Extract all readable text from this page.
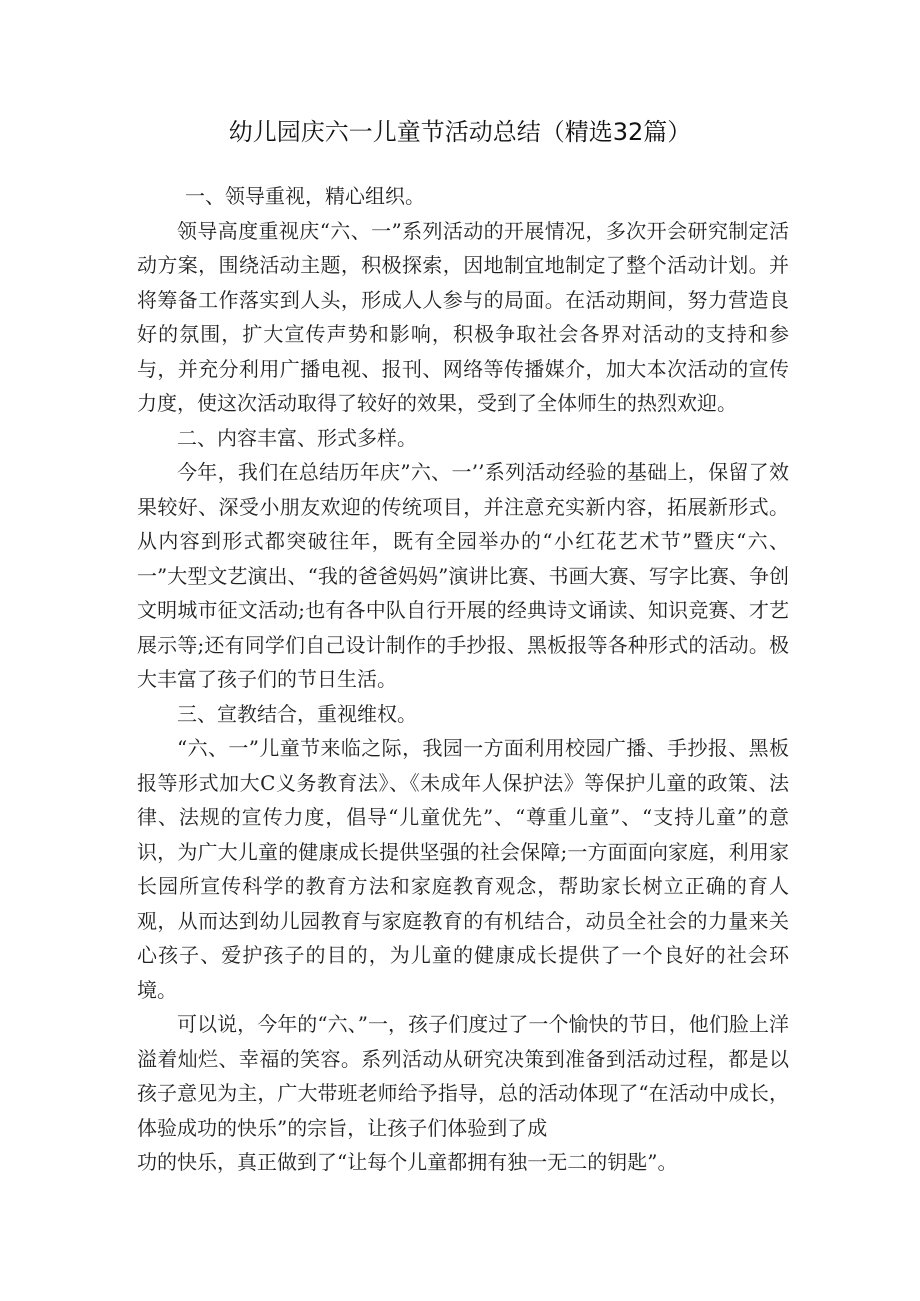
幼儿园庆六一儿童节活动总结（精选32篇）

一、领导重视，精心组织。

领导高度重视庆“六、一”系列活动的开展情况，多次开会研究制定活动方案，围绕活动主题，积极探索，因地制宜地制定了整个活动计划。并将筹备工作落实到人头，形成人人参与的局面。在活动期间，努力营造良好的氛围，扩大宣传声势和影响，积极争取社会各界对活动的支持和参与，并充分利用广播电视、报刊、网络等传播媒介，加大本次活动的宣传力度，使这次活动取得了较好的效果，受到了全体师生的热烈欢迎。

二、内容丰富、形式多样。

今年，我们在总结历年庆”六、一’’系列活动经验的基础上，保留了效果较好、深受小朋友欢迎的传统项目，并注意充实新内容，拓展新形式。从内容到形式都突破往年，既有全园举办的“小红花艺术节”暨庆“六、一”大型文艺演出、“我的爸爸妈妈”演讲比赛、书画大赛、写字比赛、争创文明城市征文活动;也有各中队自行开展的经典诗文诵读、知识竞赛、才艺展示等;还有同学们自己设计制作的手抄报、黑板报等各种形式的活动。极大丰富了孩子们的节日生活。

三、宣教结合，重视维权。

“六、一”儿童节来临之际，我园一方面利用校园广播、手抄报、黑板报等形式加大C义务教育法》、《未成年人保护法》等保护儿童的政策、法律、法规的宣传力度，倡导“儿童优先”、“尊重儿童”、“支持儿童”的意识，为广大儿童的健康成长提供坚强的社会保障;一方面面向家庭，利用家长园所宣传科学的教育方法和家庭教育观念，帮助家长树立正确的育人观，从而达到幼儿园教育与家庭教育的有机结合，动员全社会的力量来关心孩子、爱护孩子的目的，为儿童的健康成长提供了一个良好的社会环境。

可以说，今年的“六、”一，孩子们度过了一个愉快的节日，他们脸上洋溢着灿烂、幸福的笑容。系列活动从研究决策到准备到活动过程，都是以孩子意见为主，广大带班老师给予指导，总的活动体现了“在活动中成长，体验成功的快乐”的宗旨，让孩子们体验到了成

功的快乐，真正做到了“让每个儿童都拥有独一无二的钥匙”。
